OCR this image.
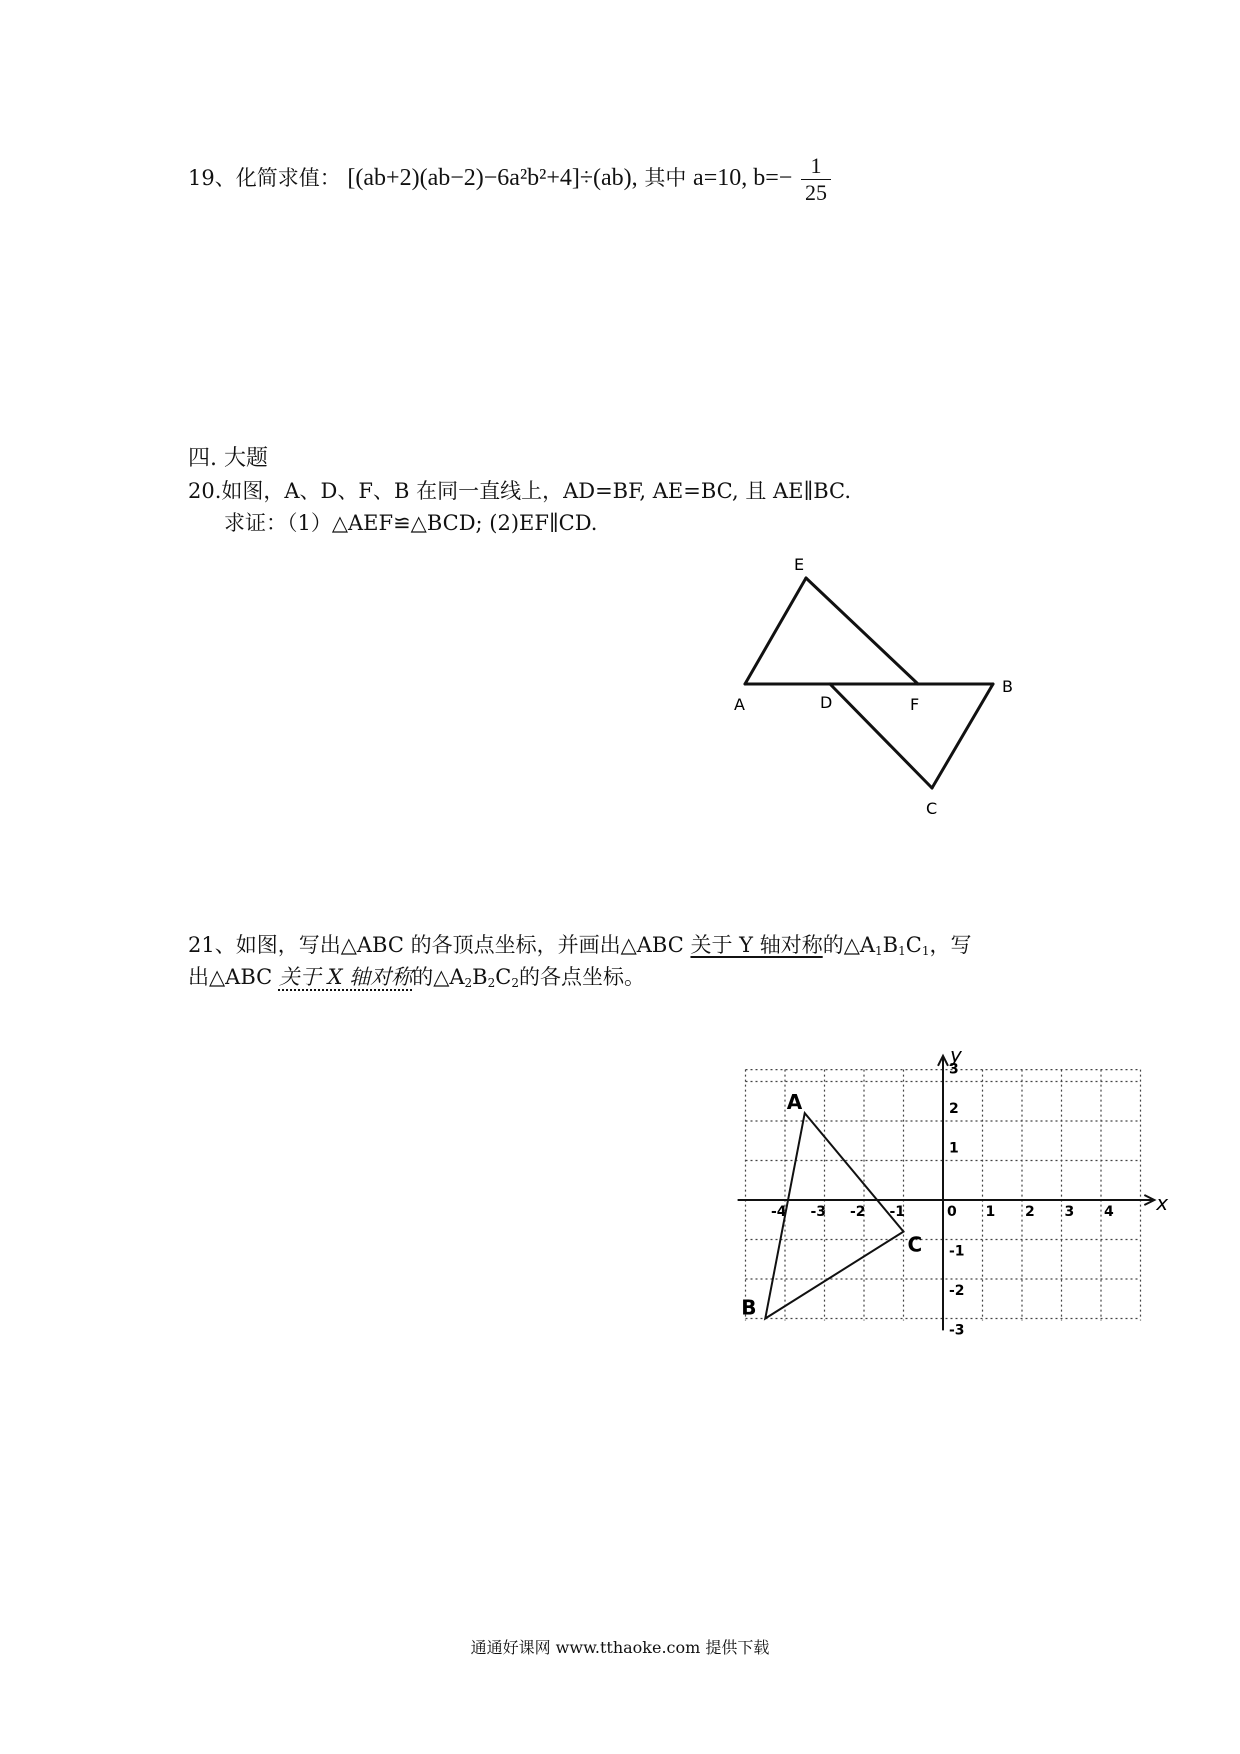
19、化简求值： [(ab+2)(ab−2)−6a²b²+4]÷(ab), 其中 a=10, $b=- \frac{1}{25}$
四. 大题
20.如图，A、D、F、B 在同一直线上，AD=BF, AE=BC, 且 AE∥BC.
求证：（1）△AEF≌△BCD; (2)EF∥CD.
E
A	D	F
B
C
21、如图，写出△ABC 的各顶点坐标，并画出△ABC 关于 Y 轴对称的$\triangle A_1B_1C_1$，写
出△ABC 关于 X 轴对称的$\triangle A_2B_2C_2$的各点坐标。
x
y
-4 -3 -2 -1	0 1 2 3 4
3
2
1
-1
-2
-3
A
B
C
通通好课网 www.tthaoke.com 提供下载
